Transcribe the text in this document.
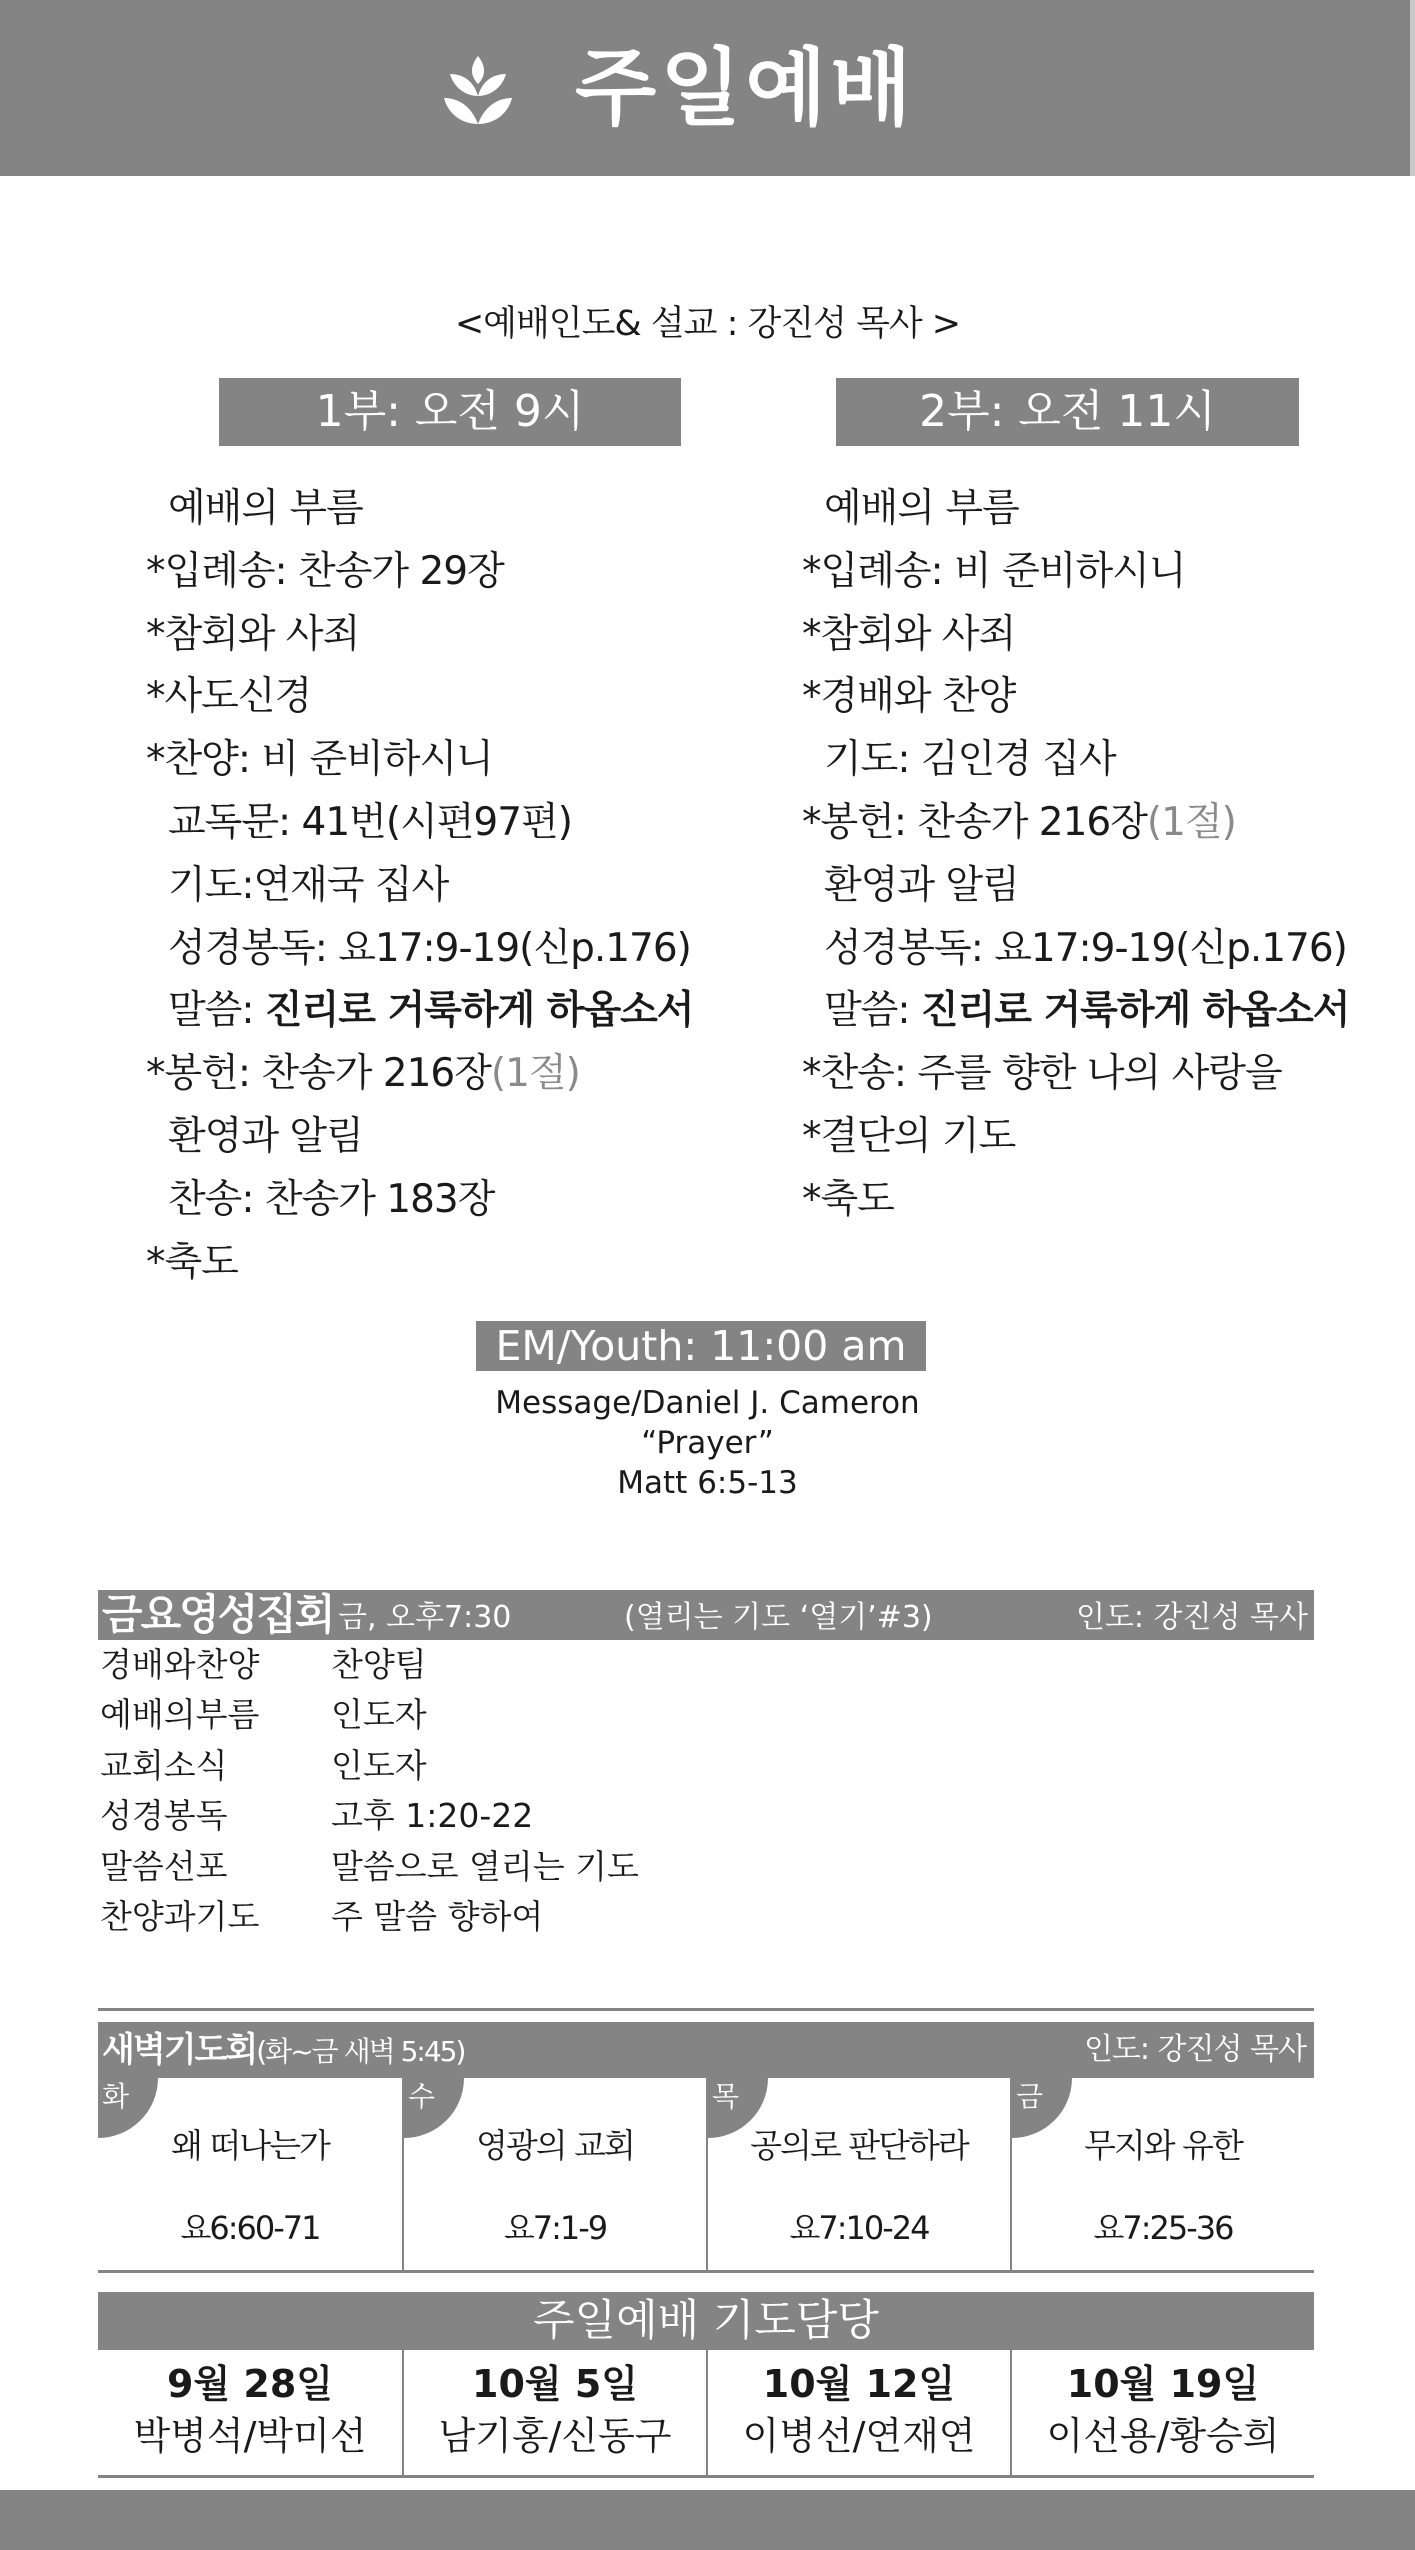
주일예배
<예배인도& 설교 : 강진성 목사 >
1부: 오전 9시	2부: 오전 11시
예배의 부름
*입례송: 찬송가 29장
*참회와 사죄
*사도신경
*찬양: 비 준비하시니
교독문: 41번(시편97편)
기도:연재국 집사
성경봉독: 요17:9-19(신p.176)
말씀: 진리로 거룩하게 하옵소서
*봉헌: 찬송가 216장(1절)
환영과 알림
찬송: 찬송가 183장
*축도
예배의 부름
*입례송: 비 준비하시니
*참회와 사죄
*경배와 찬양
기도: 김인경 집사
*봉헌: 찬송가 216장(1절)
환영과 알림
성경봉독: 요17:9-19(신p.176)
말씀: 진리로 거룩하게 하옵소서
*찬송: 주를 향한 나의 사랑을
*결단의 기도
*축도
EM/Youth: 11:00 am
Message/Daniel J. Cameron
“Prayer”
Matt 6:5-13
금요영성집회 금, 오후7:30	(열리는 기도 ‘열기’#3)	인도: 강진성 목사
경배와찬양	찬양팀
예배의부름	인도자
교회소식	인도자
성경봉독	고후 1:20-22
말씀선포	말씀으로 열리는 기도
찬양과기도	주 말씀 향하여
새벽기도회(화~금 새벽 5:45)	인도: 강진성 목사
화
왜 떠나는가
요6:60-71
수
영광의 교회
요7:1-9
목
공의로 판단하라
요7:10-24
금
무지와 유한
요7:25-36
주일예배 기도담당
9월 28일
박병석/박미선
10월 5일
남기홍/신동구
10월 12일
이병선/연재연
10월 19일
이선용/황승희
